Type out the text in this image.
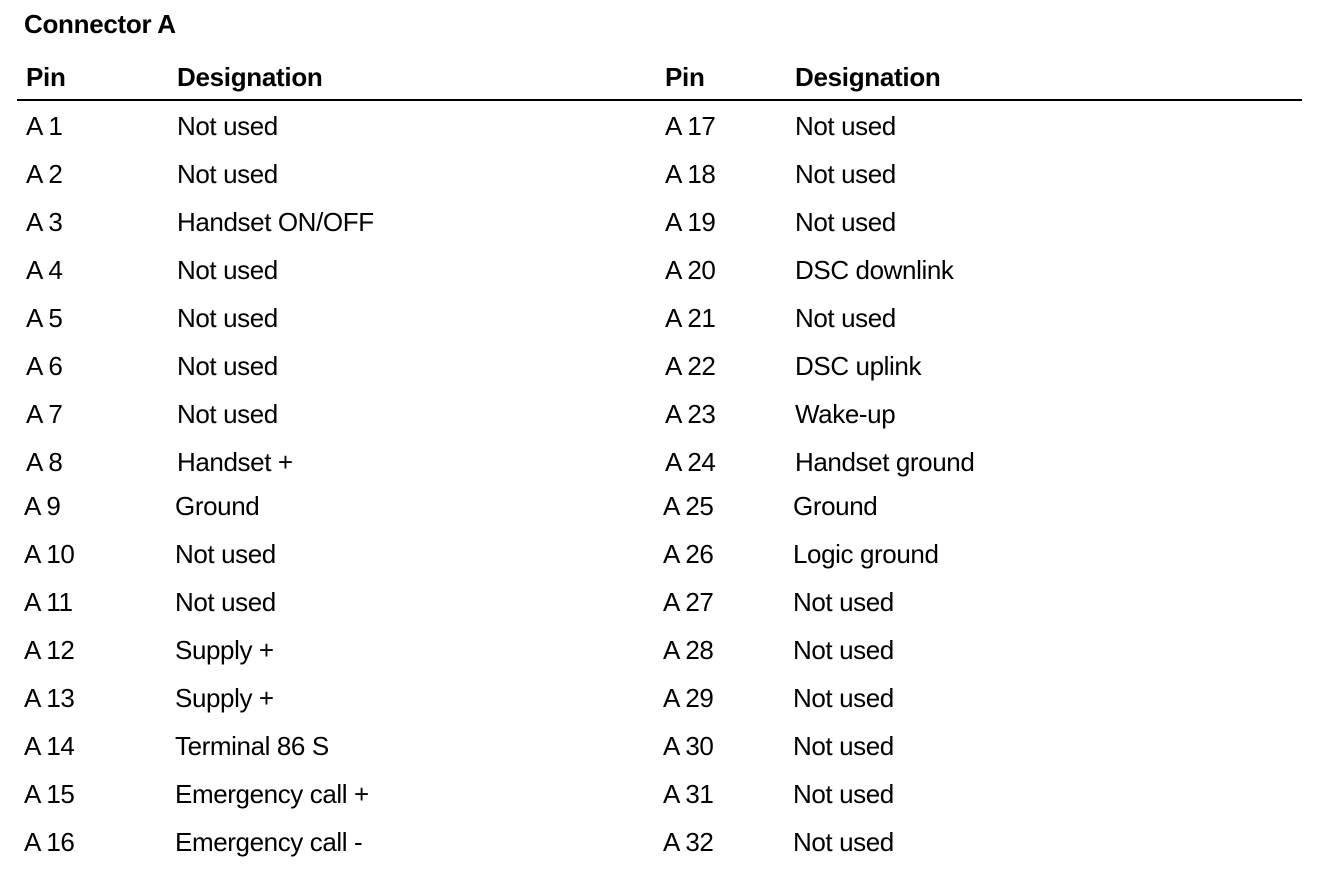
Connector A
Pin	Designation	Pin	Designation
A 1	Not used	A 17	Not used
A 2	Not used	A 18	Not used
A 3	Handset ON/OFF	A 19	Not used
A 4	Not used	A 20	DSC downlink
A 5	Not used	A 21	Not used
A 6	Not used	A 22	DSC uplink
A 7	Not used	A 23	Wake-up
A 8	Handset +	A 24	Handset ground
A 9	Ground	A 25	Ground
A 10	Not used	A 26	Logic ground
A 11	Not used	A 27	Not used
A 12	Supply +	A 28	Not used
A 13	Supply +	A 29	Not used
A 14	Terminal 86 S	A 30	Not used
A 15	Emergency call +	A 31	Not used
A 16	Emergency call -	A 32	Not used
